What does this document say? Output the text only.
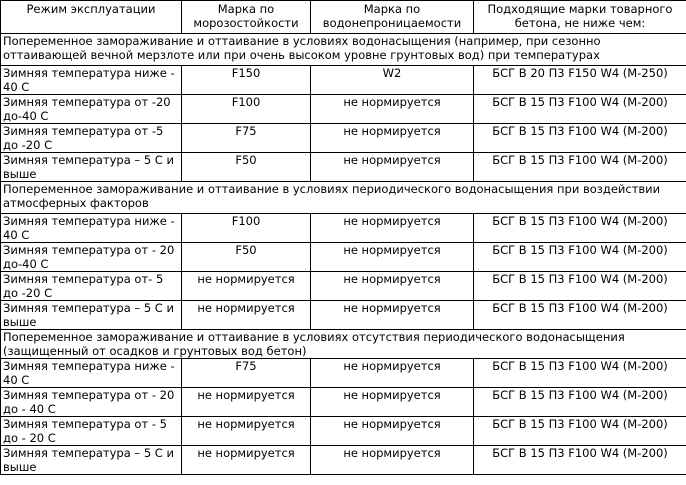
Режим эксплуатации	Марка по морозостойкости	Марка по водонепроницаемости	Подходящие марки товарного бетона, не ниже чем:
Попеременное замораживание и оттаивание в условиях водонасыщения (например, при сезонно оттаивающей вечной мерзлоте или при очень высоком уровне грунтовых вод) при температурах			
Зимняя температура ниже - 40 С	F150	W2	БСГ В 20 П3 F150 W4 (М-250)
Зимняя температура от -20 до-40 С	F100	не нормируется	БСГ В 15 П3 F100 W4 (М-200)
Зимняя температура от -5 до -20 С	F75	не нормируется	БСГ В 15 П3 F100 W4 (М-200)
Зимняя температура – 5 С и выше	F50	не нормируется	БСГ В 15 П3 F100 W4 (М-200)
Попеременное замораживание и оттаивание в условиях периодического водонасыщения при воздействии атмосферных факторов			
Зимняя температура ниже - 40 С	F100	не нормируется	БСГ В 15 П3 F100 W4 (М-200)
Зимняя температура от - 20 до-40 С	F50	не нормируется	БСГ В 15 П3 F100 W4 (М-200)
Зимняя температура от- 5 до -20 С	не нормируется	не нормируется	БСГ В 15 П3 F100 W4 (М-200)
Зимняя температура – 5 С и выше	не нормируется	не нормируется	БСГ В 15 П3 F100 W4 (М-200)
Попеременное замораживание и оттаивание в условиях отсутствия периодического водонасыщения (защищенный от осадков и грунтовых вод бетон)			
Зимняя температура ниже - 40 С	F75	не нормируется	БСГ В 15 П3 F100 W4 (М-200)
Зимняя температура от - 20 до - 40 С	не нормируется	не нормируется	БСГ В 15 П3 F100 W4 (М-200)
Зимняя температура от - 5 до - 20 С	не нормируется	не нормируется	БСГ В 15 П3 F100 W4 (М-200)
Зимняя температура – 5 С и выше	не нормируется	не нормируется	БСГ В 15 П3 F100 W4 (М-200)
